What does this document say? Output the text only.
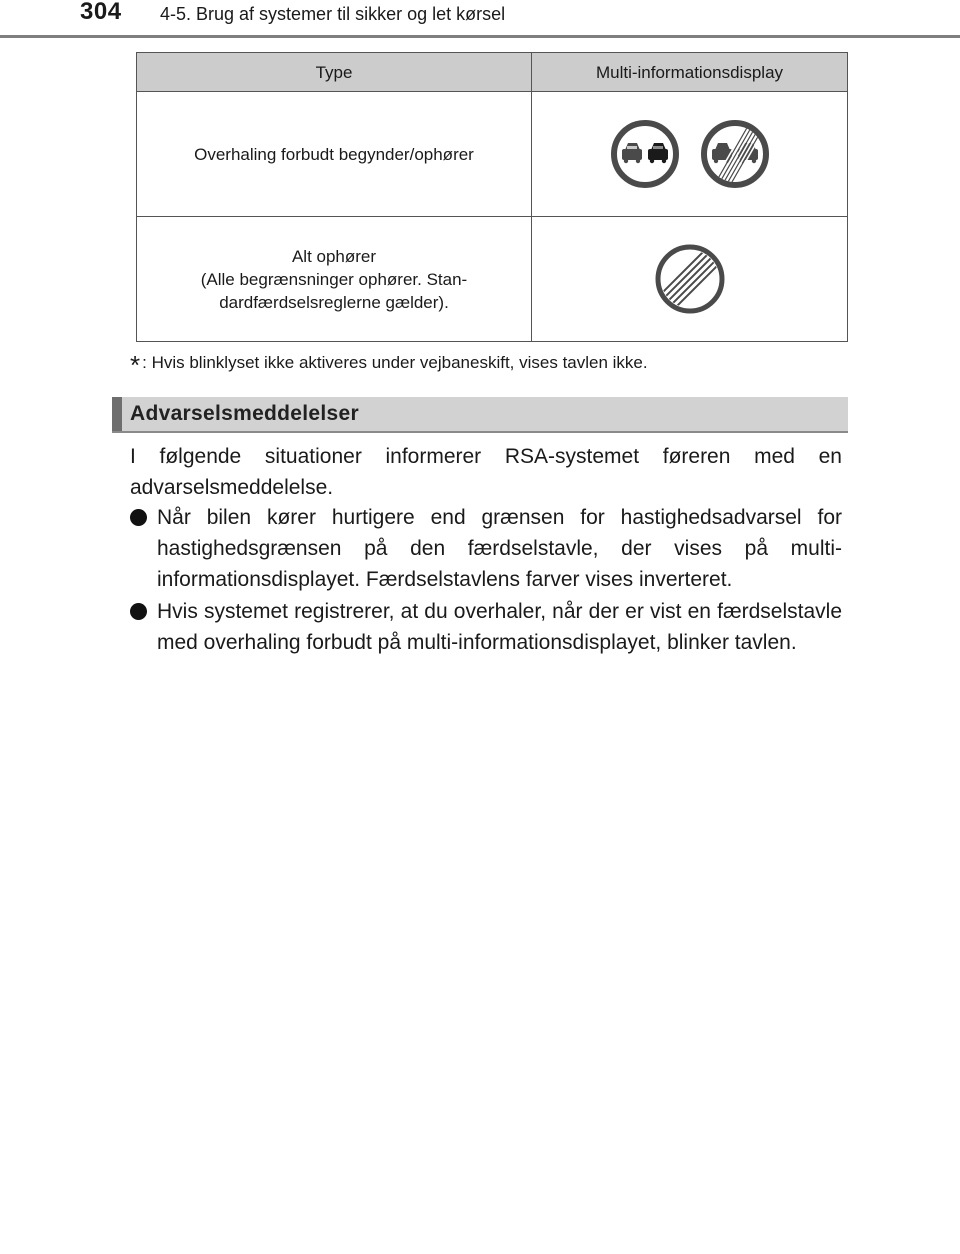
304 4-5. Brug af systemer til sikker og let kørsel
Type	Multi-informationsdisplay
Overhaling forbudt begynder/ophører	

Alt ophører
(Alle begrænsninger ophører. Stan-
dardfærdselsreglerne gælder).

* : Hvis blinklyset ikke aktiveres under vejbaneskift, vises tavlen ikke.
Advarselsmeddelelser
I følgende situationer informerer RSA-systemet føreren med en advarselsmeddelelse.
Når bilen kører hurtigere end grænsen for hastighedsadvarsel for hastighedsgrænsen på den færdselstavle, der vises på multi-informationsdisplayet. Færdselstavlens farver vises inverteret.
Hvis systemet registrerer, at du overhaler, når der er vist en færdselstavle med overhaling forbudt på multi-informationsdisplayet, blinker tavlen.
